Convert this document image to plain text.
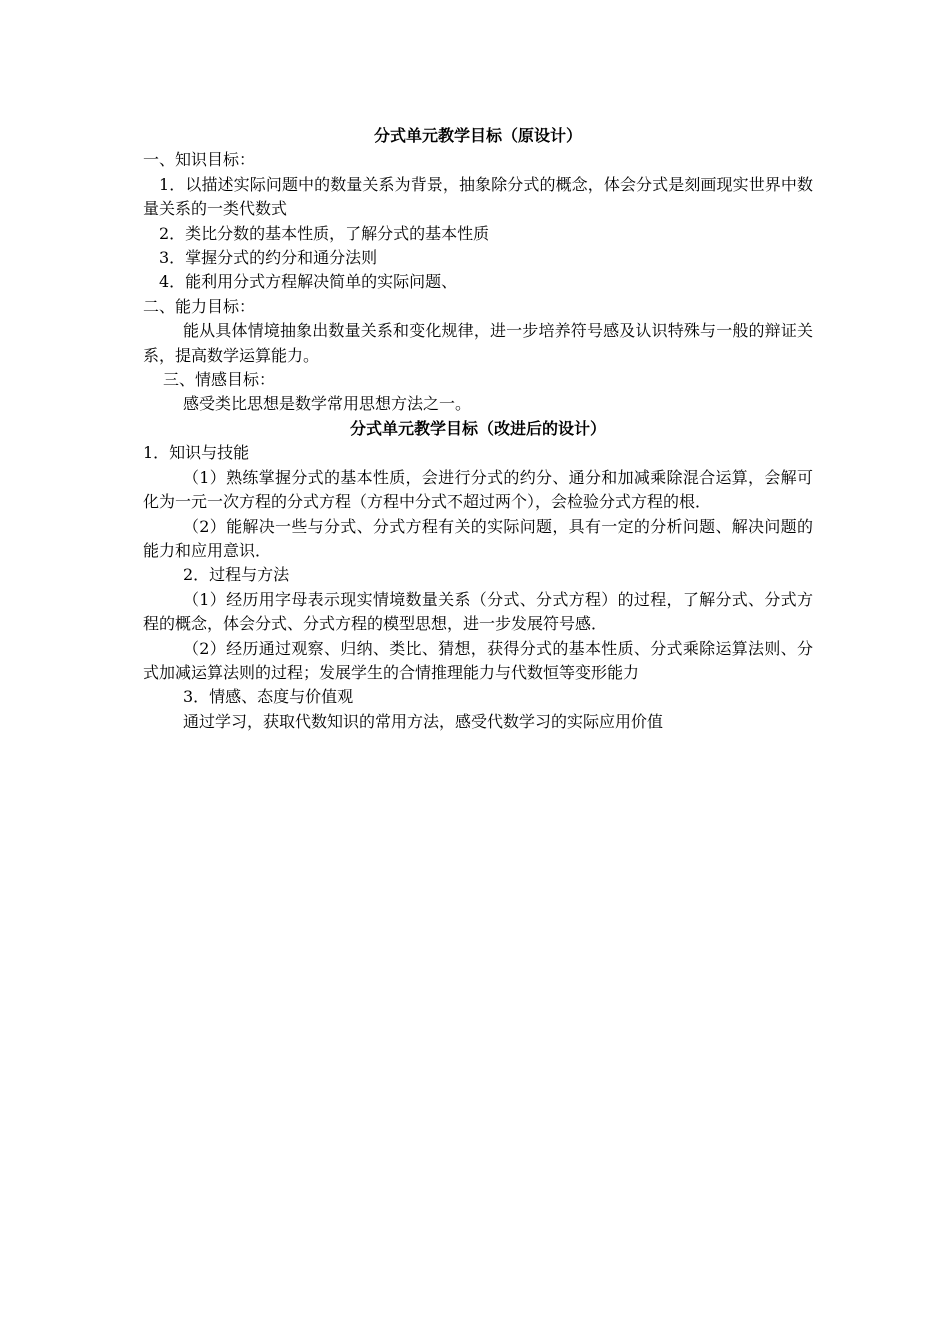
分式单元教学目标（原设计）

一、知识目标：

1．以描述实际问题中的数量关系为背景，抽象除分式的概念，体会分式是刻画现实世界中数量关系的一类代数式

2．类比分数的基本性质，了解分式的基本性质

3．掌握分式的约分和通分法则

4．能利用分式方程解决简单的实际问题、

二、能力目标：

能从具体情境抽象出数量关系和变化规律，进一步培养符号感及认识特殊与一般的辩证关系，提高数学运算能力。

三、情感目标：

感受类比思想是数学常用思想方法之一。

分式单元教学目标（改进后的设计）

1．知识与技能

（1）熟练掌握分式的基本性质，会进行分式的约分、通分和加减乘除混合运算，会解可化为一元一次方程的分式方程（方程中分式不超过两个），会检验分式方程的根．

（2）能解决一些与分式、分式方程有关的实际问题，具有一定的分析问题、解决问题的能力和应用意识．

2．过程与方法

（1）经历用字母表示现实情境数量关系（分式、分式方程）的过程，了解分式、分式方程的概念，体会分式、分式方程的模型思想，进一步发展符号感．

（2）经历通过观察、归纳、类比、猜想，获得分式的基本性质、分式乘除运算法则、分式加减运算法则的过程；发展学生的合情推理能力与代数恒等变形能力

3．情感、态度与价值观

通过学习，获取代数知识的常用方法，感受代数学习的实际应用价值
